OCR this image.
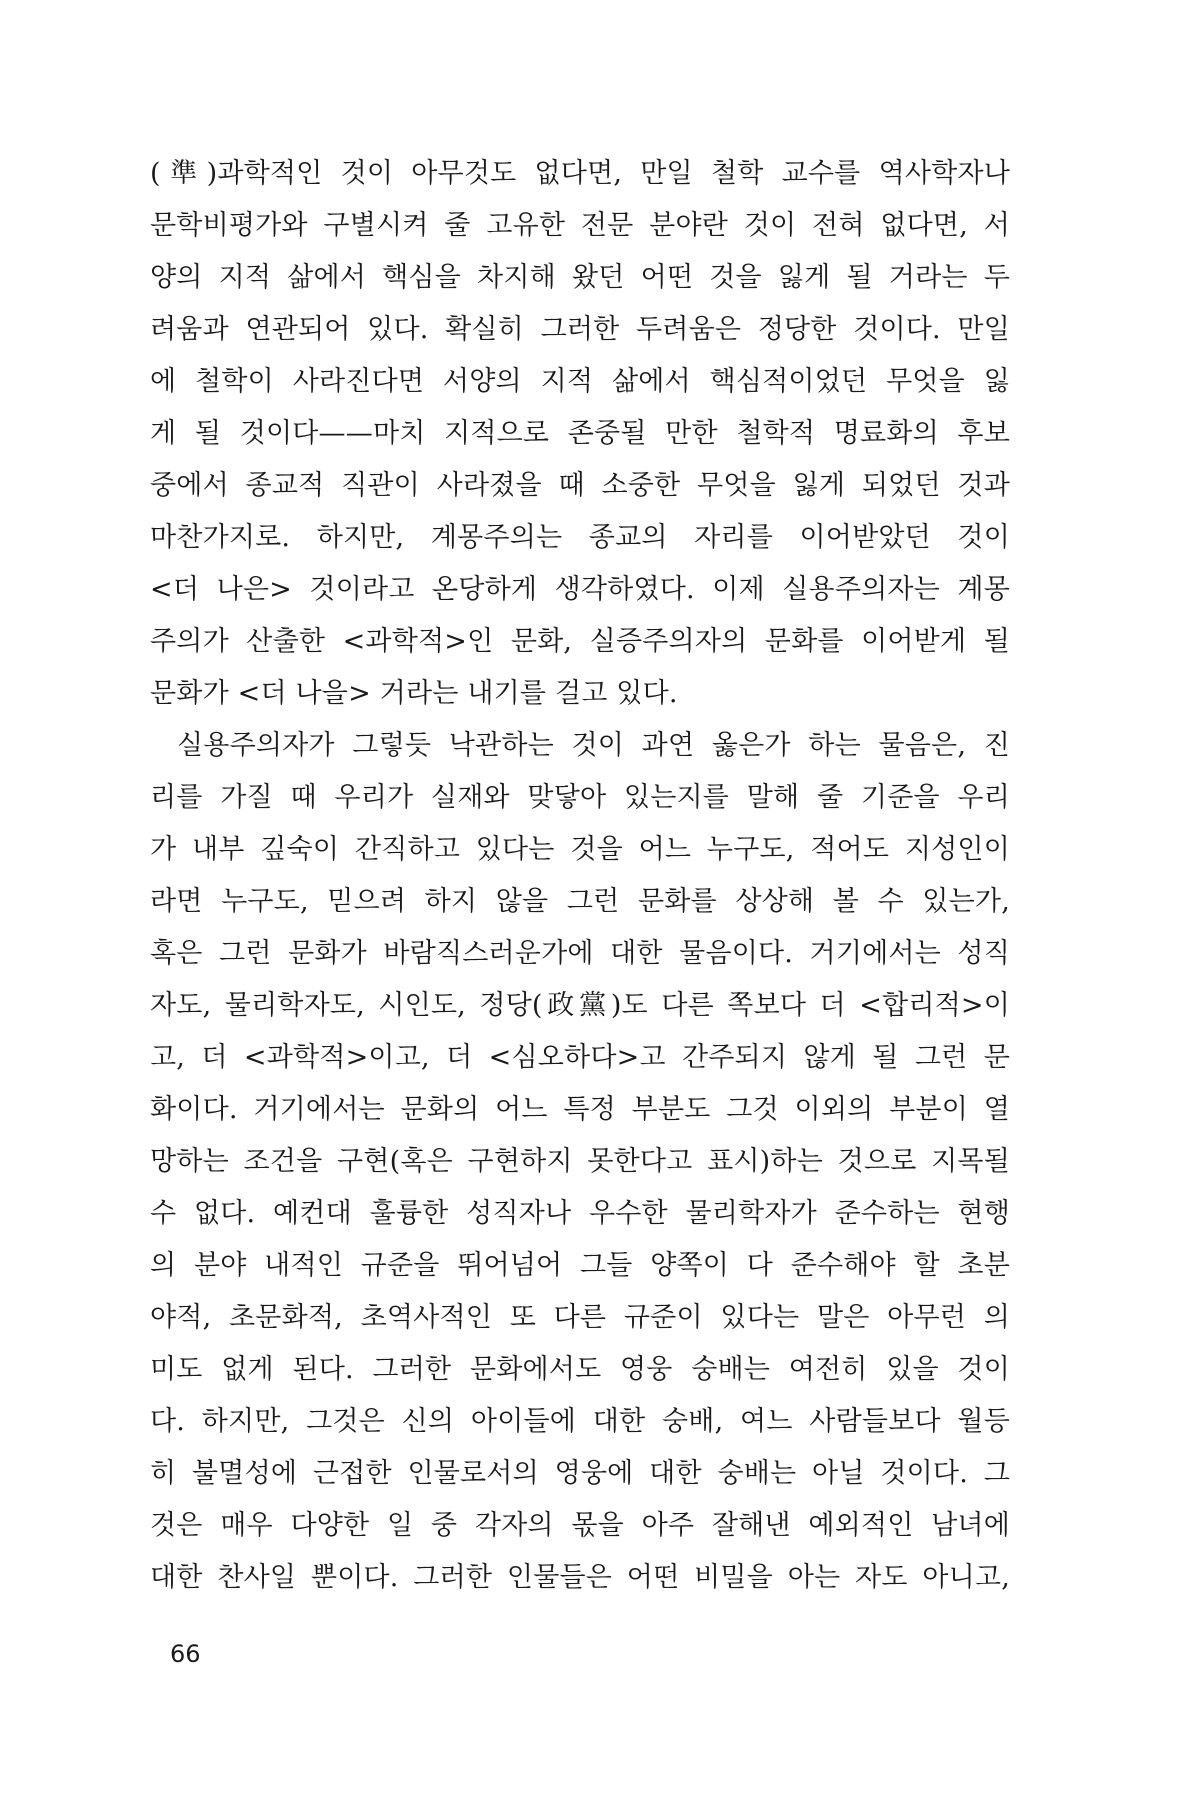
(準)과학적인 것이 아무것도 없다면, 만일 철학 교수를 역사학자나
문학비평가와 구별시켜 줄 고유한 전문 분야란 것이 전혀 없다면, 서
양의 지적 삶에서 핵심을 차지해 왔던 어떤 것을 잃게 될 거라는 두
려움과 연관되어 있다. 확실히 그러한 두려움은 정당한 것이다. 만일
에 철학이 사라진다면 서양의 지적 삶에서 핵심적이었던 무엇을 잃
게 될 것이다——마치 지적으로 존중될 만한 철학적 명료화의 후보
중에서 종교적 직관이 사라졌을 때 소중한 무엇을 잃게 되었던 것과
마찬가지로. 하지만, 계몽주의는 종교의 자리를 이어받았던 것이
<더 나은> 것이라고 온당하게 생각하였다. 이제 실용주의자는 계몽
주의가 산출한 <과학적>인 문화, 실증주의자의 문화를 이어받게 될
문화가 <더 나을> 거라는 내기를 걸고 있다.
실용주의자가 그렇듯 낙관하는 것이 과연 옳은가 하는 물음은, 진
리를 가질 때 우리가 실재와 맞닿아 있는지를 말해 줄 기준을 우리
가 내부 깊숙이 간직하고 있다는 것을 어느 누구도, 적어도 지성인이
라면 누구도, 믿으려 하지 않을 그런 문화를 상상해 볼 수 있는가,
혹은 그런 문화가 바람직스러운가에 대한 물음이다. 거기에서는 성직
자도, 물리학자도, 시인도, 정당(政黨)도 다른 쪽보다 더 <합리적>이
고, 더 <과학적>이고, 더 <심오하다>고 간주되지 않게 될 그런 문
화이다. 거기에서는 문화의 어느 특정 부분도 그것 이외의 부분이 열
망하는 조건을 구현(혹은 구현하지 못한다고 표시)하는 것으로 지목될
수 없다. 예컨대 훌륭한 성직자나 우수한 물리학자가 준수하는 현행
의 분야 내적인 규준을 뛰어넘어 그들 양쪽이 다 준수해야 할 초분
야적, 초문화적, 초역사적인 또 다른 규준이 있다는 말은 아무런 의
미도 없게 된다. 그러한 문화에서도 영웅 숭배는 여전히 있을 것이
다. 하지만, 그것은 신의 아이들에 대한 숭배, 여느 사람들보다 월등
히 불멸성에 근접한 인물로서의 영웅에 대한 숭배는 아닐 것이다. 그
것은 매우 다양한 일 중 각자의 몫을 아주 잘해낸 예외적인 남녀에
대한 찬사일 뿐이다. 그러한 인물들은 어떤 비밀을 아는 자도 아니고,
66
